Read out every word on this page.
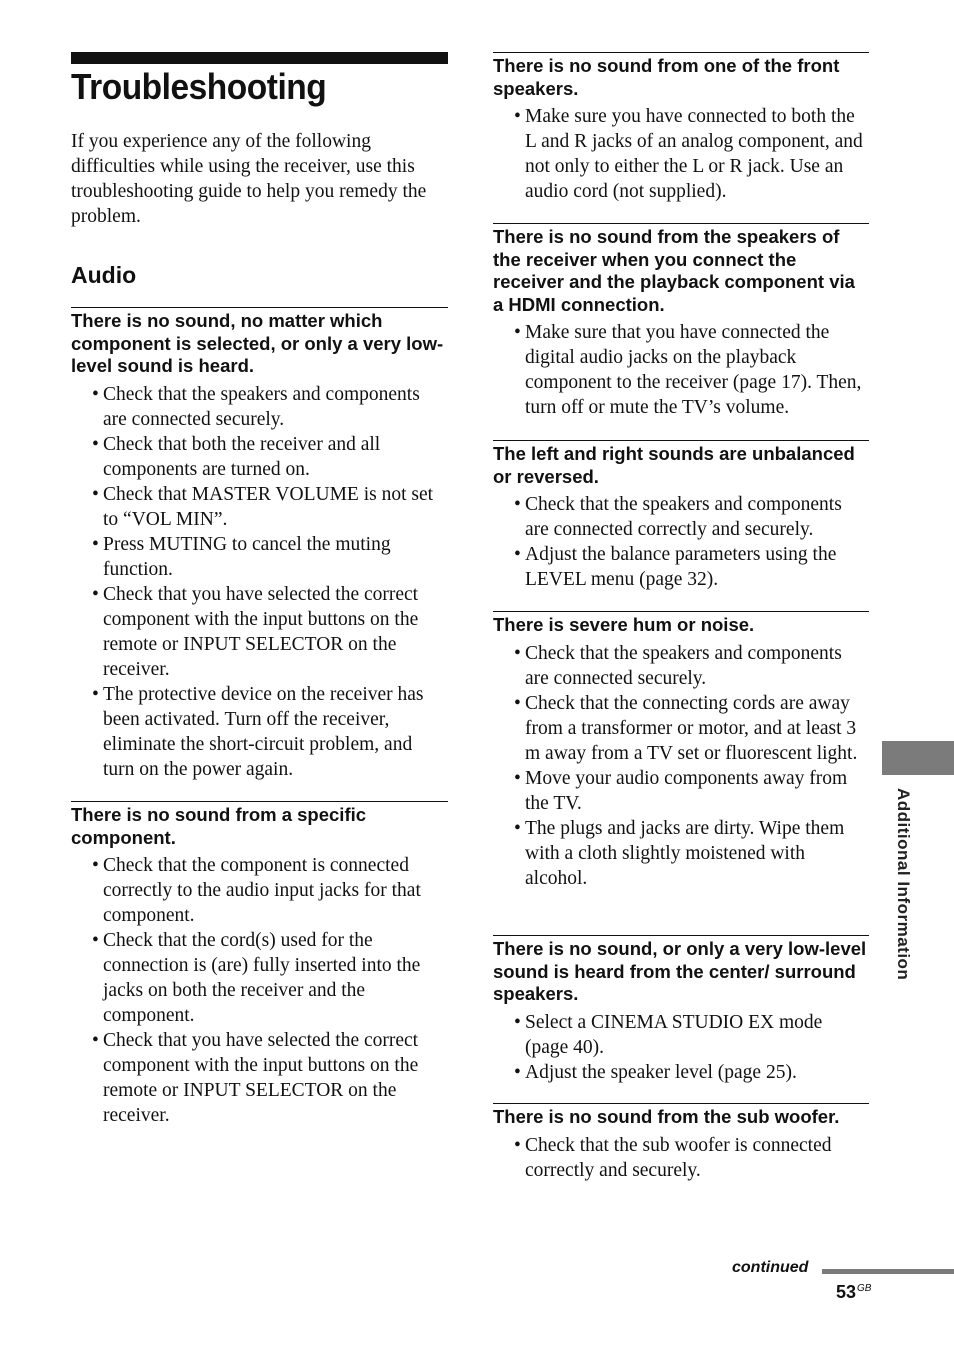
Troubleshooting

If you experience any of the following difficulties while using the receiver, use this troubleshooting guide to help you remedy the problem.

Audio
There is no sound, no matter which component is selected, or only a very low-level sound is heard.
• Check that the speakers and components are connected securely.
• Check that both the receiver and all components are turned on.
• Check that MASTER VOLUME is not set to “VOL MIN”.
• Press MUTING to cancel the muting function.
• Check that you have selected the correct component with the input buttons on the remote or INPUT SELECTOR on the receiver.
• The protective device on the receiver has been activated. Turn off the receiver, eliminate the short-circuit problem, and turn on the power again.
There is no sound from a specific component.
• Check that the component is connected correctly to the audio input jacks for that component.
• Check that the cord(s) used for the connection is (are) fully inserted into the jacks on both the receiver and the component.
• Check that you have selected the correct component with the input buttons on the remote or INPUT SELECTOR on the receiver.
There is no sound from one of the front speakers.
• Make sure you have connected to both the L and R jacks of an analog component, and not only to either the L or R jack. Use an audio cord (not supplied).
There is no sound from the speakers of the receiver when you connect the receiver and the playback component via a HDMI connection.
• Make sure that you have connected the digital audio jacks on the playback component to the receiver (page 17). Then, turn off or mute the TV’s volume.
The left and right sounds are unbalanced or reversed.
• Check that the speakers and components are connected correctly and securely.
• Adjust the balance parameters using the LEVEL menu (page 32).
There is severe hum or noise.
• Check that the speakers and components are connected securely.
• Check that the connecting cords are away from a transformer or motor, and at least 3 m away from a TV set or fluorescent light.
• Move your audio components away from the TV.
• The plugs and jacks are dirty. Wipe them with a cloth slightly moistened with alcohol.
There is no sound, or only a very low-level sound is heard from the center/ surround speakers.
• Select a CINEMA STUDIO EX mode (page 40).
• Adjust the speaker level (page 25).
There is no sound from the sub woofer.
• Check that the sub woofer is connected correctly and securely.
Additional Information
continued
$53^{GB}$
